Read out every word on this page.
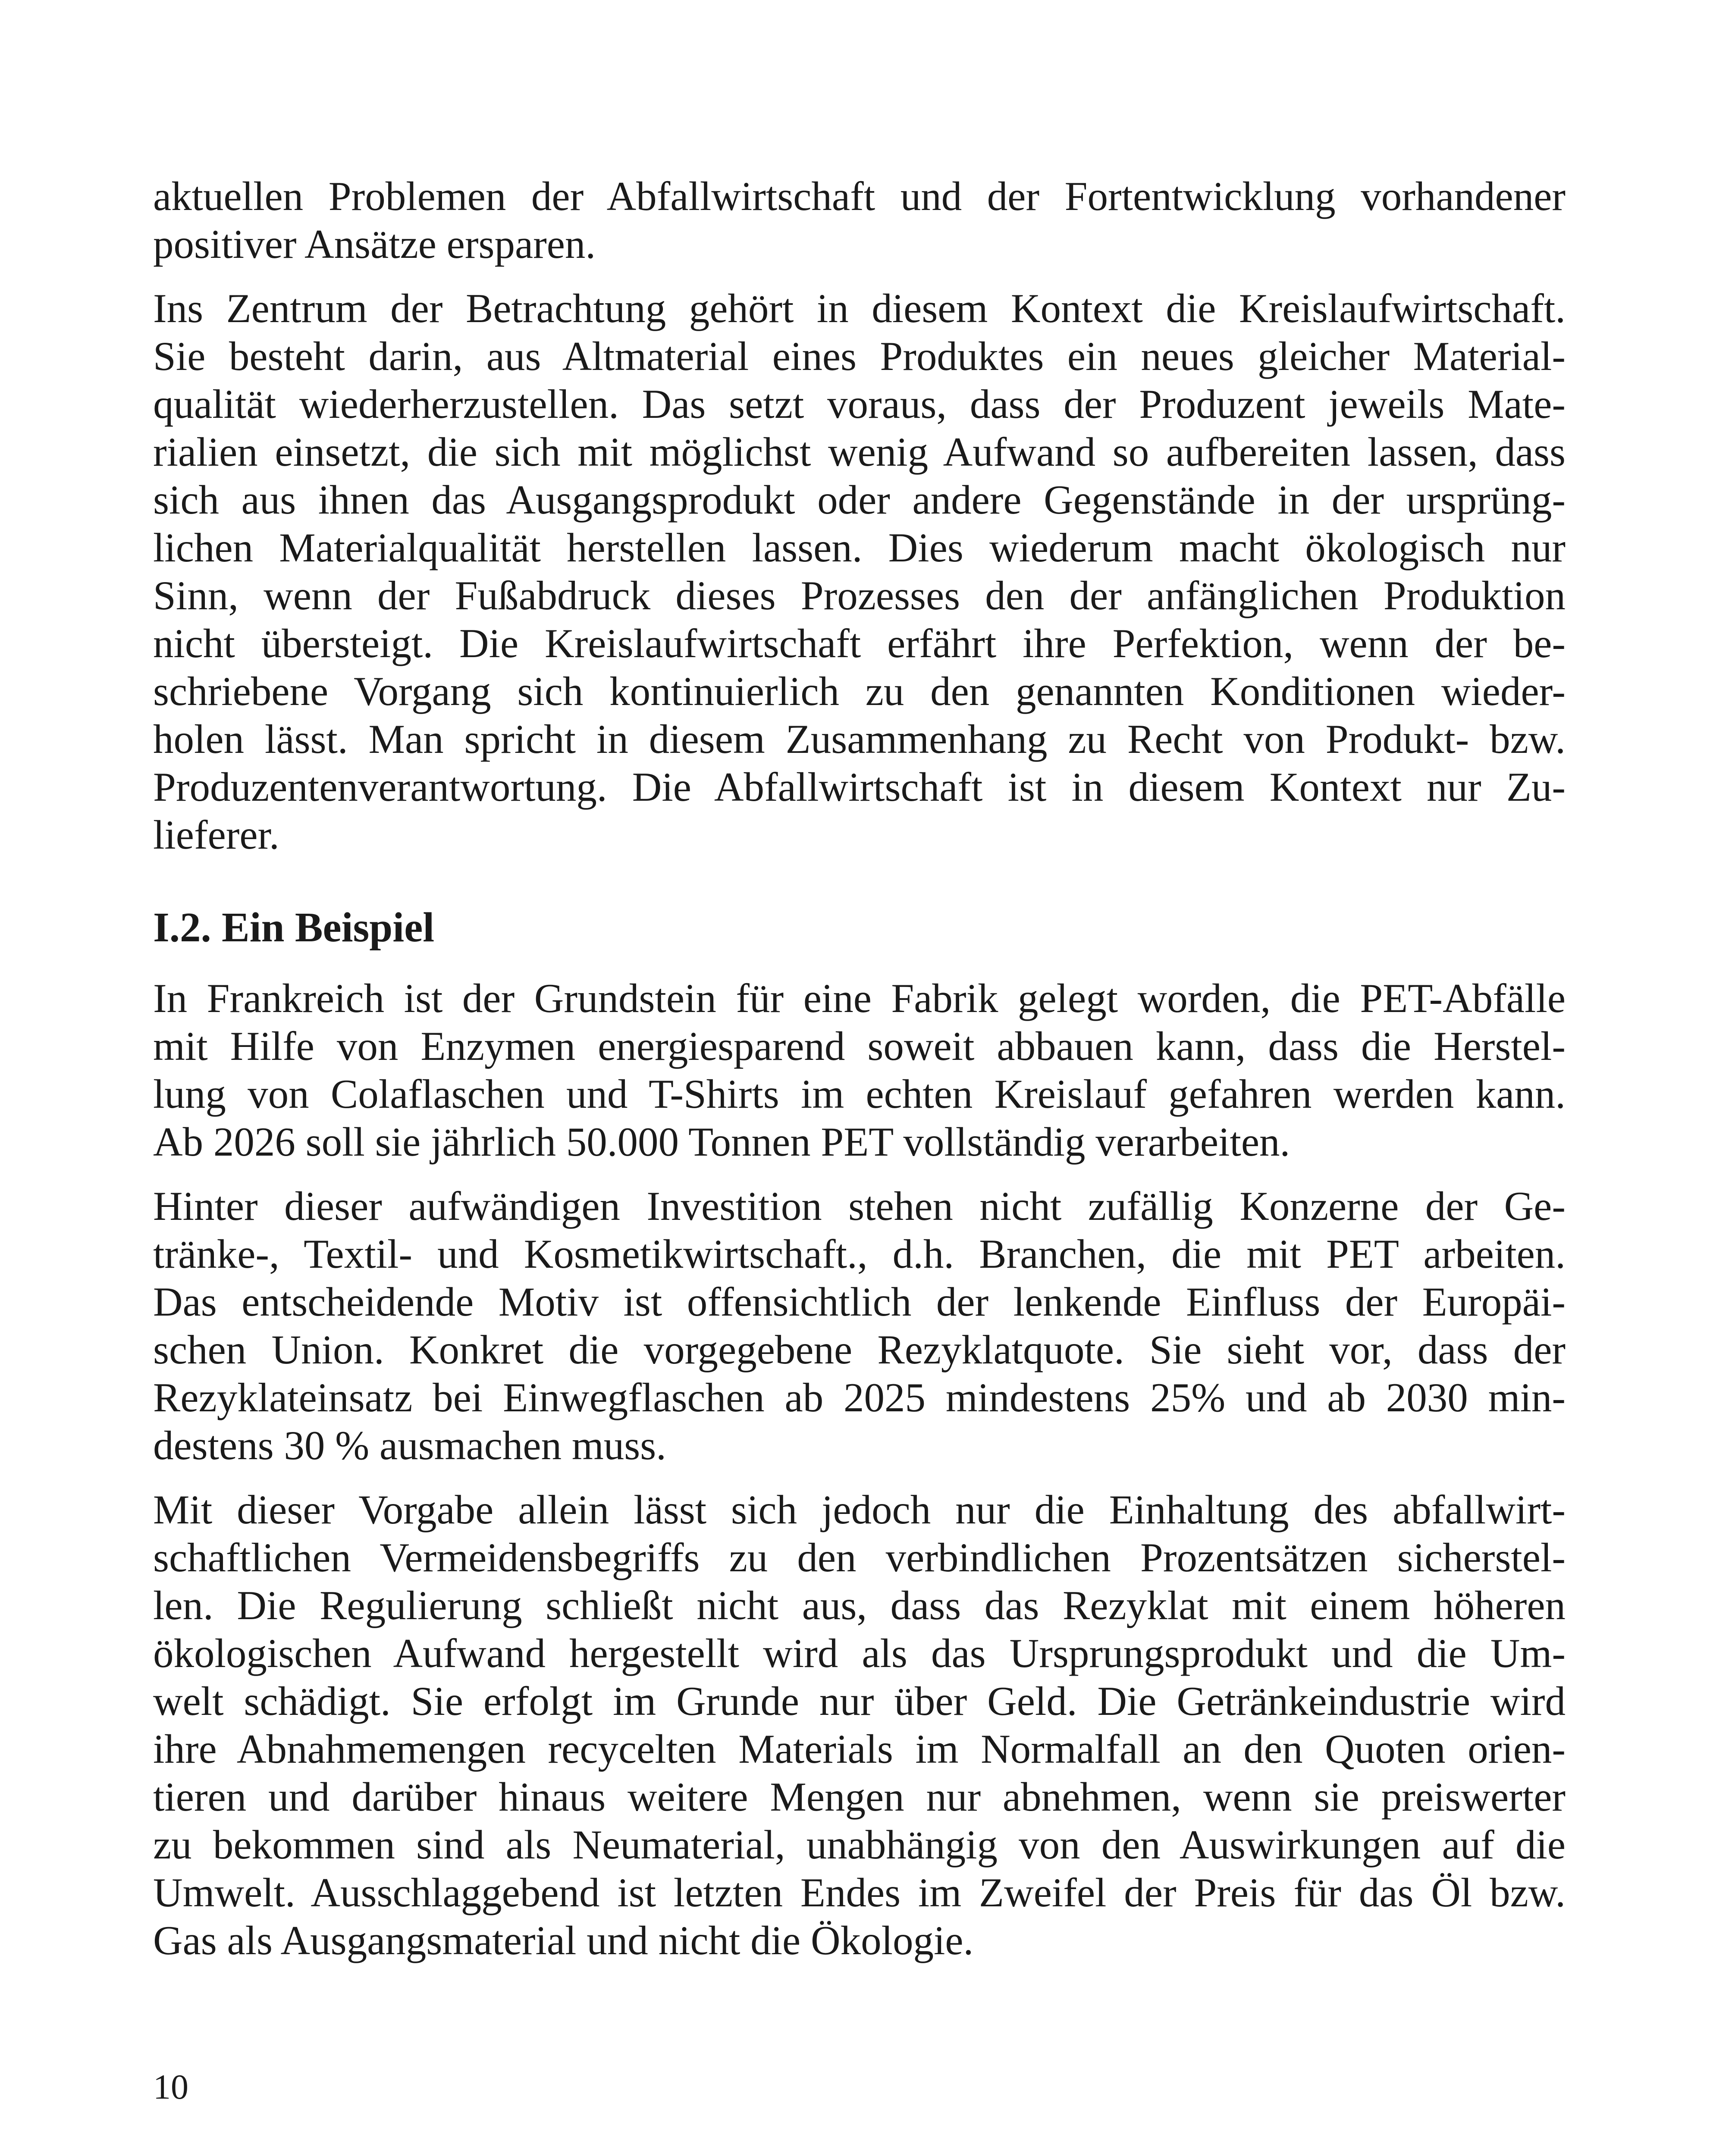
aktuellen Problemen der Abfallwirtschaft und der Fortentwicklung vorhandener
positiver Ansätze ersparen.
Ins Zentrum der Betrachtung gehört in diesem Kontext die Kreislaufwirtschaft.
Sie besteht darin, aus Altmaterial eines Produktes ein neues gleicher Material-
qualität wiederherzustellen. Das setzt voraus, dass der Produzent jeweils Mate-
rialien einsetzt, die sich mit möglichst wenig Aufwand so aufbereiten lassen, dass
sich aus ihnen das Ausgangsprodukt oder andere Gegenstände in der ursprüng-
lichen Materialqualität herstellen lassen. Dies wiederum macht ökologisch nur
Sinn, wenn der Fußabdruck dieses Prozesses den der anfänglichen Produktion
nicht übersteigt. Die Kreislaufwirtschaft erfährt ihre Perfektion, wenn der be-
schriebene Vorgang sich kontinuierlich zu den genannten Konditionen wieder-
holen lässt. Man spricht in diesem Zusammenhang zu Recht von Produkt- bzw.
Produzentenverantwortung. Die Abfallwirtschaft ist in diesem Kontext nur Zu-
lieferer.
I.2. Ein Beispiel
In Frankreich ist der Grundstein für eine Fabrik gelegt worden, die PET-Abfälle
mit Hilfe von Enzymen energiesparend soweit abbauen kann, dass die Herstel-
lung von Colaflaschen und T-Shirts im echten Kreislauf gefahren werden kann.
Ab 2026 soll sie jährlich 50.000 Tonnen PET vollständig verarbeiten.
Hinter dieser aufwändigen Investition stehen nicht zufällig Konzerne der Ge-
tränke-, Textil- und Kosmetikwirtschaft., d.h. Branchen, die mit PET arbeiten.
Das entscheidende Motiv ist offensichtlich der lenkende Einfluss der Europäi-
schen Union. Konkret die vorgegebene Rezyklatquote. Sie sieht vor, dass der
Rezyklateinsatz bei Einwegflaschen ab 2025 mindestens 25% und ab 2030 min-
destens 30 % ausmachen muss.
Mit dieser Vorgabe allein lässt sich jedoch nur die Einhaltung des abfallwirt-
schaftlichen Vermeidensbegriffs zu den verbindlichen Prozentsätzen sicherstel-
len. Die Regulierung schließt nicht aus, dass das Rezyklat mit einem höheren
ökologischen Aufwand hergestellt wird als das Ursprungsprodukt und die Um-
welt schädigt. Sie erfolgt im Grunde nur über Geld. Die Getränkeindustrie wird
ihre Abnahmemengen recycelten Materials im Normalfall an den Quoten orien-
tieren und darüber hinaus weitere Mengen nur abnehmen, wenn sie preiswerter
zu bekommen sind als Neumaterial, unabhängig von den Auswirkungen auf die
Umwelt. Ausschlaggebend ist letzten Endes im Zweifel der Preis für das Öl bzw.
Gas als Ausgangsmaterial und nicht die Ökologie.
10
